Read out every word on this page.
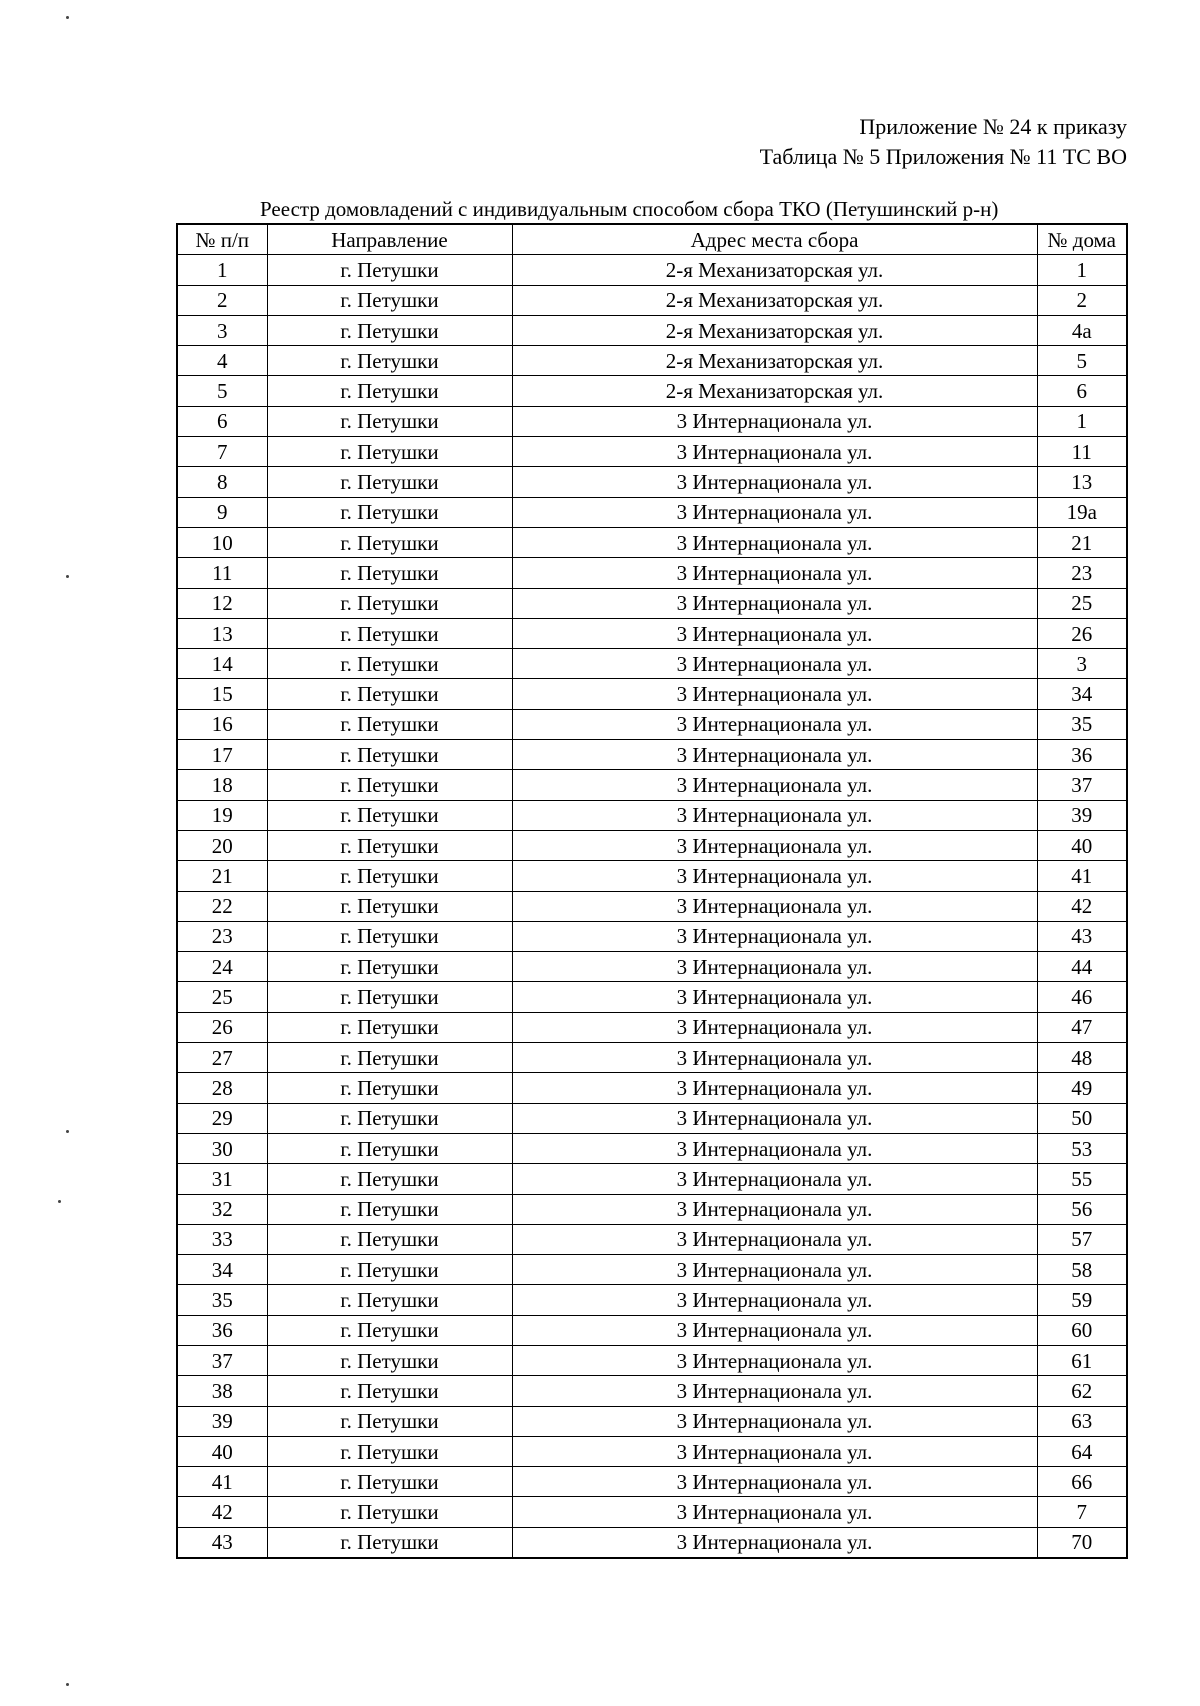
Приложение № 24 к приказу
Таблица № 5 Приложения № 11 ТС ВО
Реестр домовладений с индивидуальным способом сбора ТКО (Петушинский р-н)
№ п/п	Направление	Адрес места сбора	№ дома
1	г. Петушки	2-я Механизаторская ул.	1
2	г. Петушки	2-я Механизаторская ул.	2
3	г. Петушки	2-я Механизаторская ул.	4а
4	г. Петушки	2-я Механизаторская ул.	5
5	г. Петушки	2-я Механизаторская ул.	6
6	г. Петушки	3 Интернационала ул.	1
7	г. Петушки	3 Интернационала ул.	11
8	г. Петушки	3 Интернационала ул.	13
9	г. Петушки	3 Интернационала ул.	19а
10	г. Петушки	3 Интернационала ул.	21
11	г. Петушки	3 Интернационала ул.	23
12	г. Петушки	3 Интернационала ул.	25
13	г. Петушки	3 Интернационала ул.	26
14	г. Петушки	3 Интернационала ул.	3
15	г. Петушки	3 Интернационала ул.	34
16	г. Петушки	3 Интернационала ул.	35
17	г. Петушки	3 Интернационала ул.	36
18	г. Петушки	3 Интернационала ул.	37
19	г. Петушки	3 Интернационала ул.	39
20	г. Петушки	3 Интернационала ул.	40
21	г. Петушки	3 Интернационала ул.	41
22	г. Петушки	3 Интернационала ул.	42
23	г. Петушки	3 Интернационала ул.	43
24	г. Петушки	3 Интернационала ул.	44
25	г. Петушки	3 Интернационала ул.	46
26	г. Петушки	3 Интернационала ул.	47
27	г. Петушки	3 Интернационала ул.	48
28	г. Петушки	3 Интернационала ул.	49
29	г. Петушки	3 Интернационала ул.	50
30	г. Петушки	3 Интернационала ул.	53
31	г. Петушки	3 Интернационала ул.	55
32	г. Петушки	3 Интернационала ул.	56
33	г. Петушки	3 Интернационала ул.	57
34	г. Петушки	3 Интернационала ул.	58
35	г. Петушки	3 Интернационала ул.	59
36	г. Петушки	3 Интернационала ул.	60
37	г. Петушки	3 Интернационала ул.	61
38	г. Петушки	3 Интернационала ул.	62
39	г. Петушки	3 Интернационала ул.	63
40	г. Петушки	3 Интернационала ул.	64
41	г. Петушки	3 Интернационала ул.	66
42	г. Петушки	3 Интернационала ул.	7
43	г. Петушки	3 Интернационала ул.	70
